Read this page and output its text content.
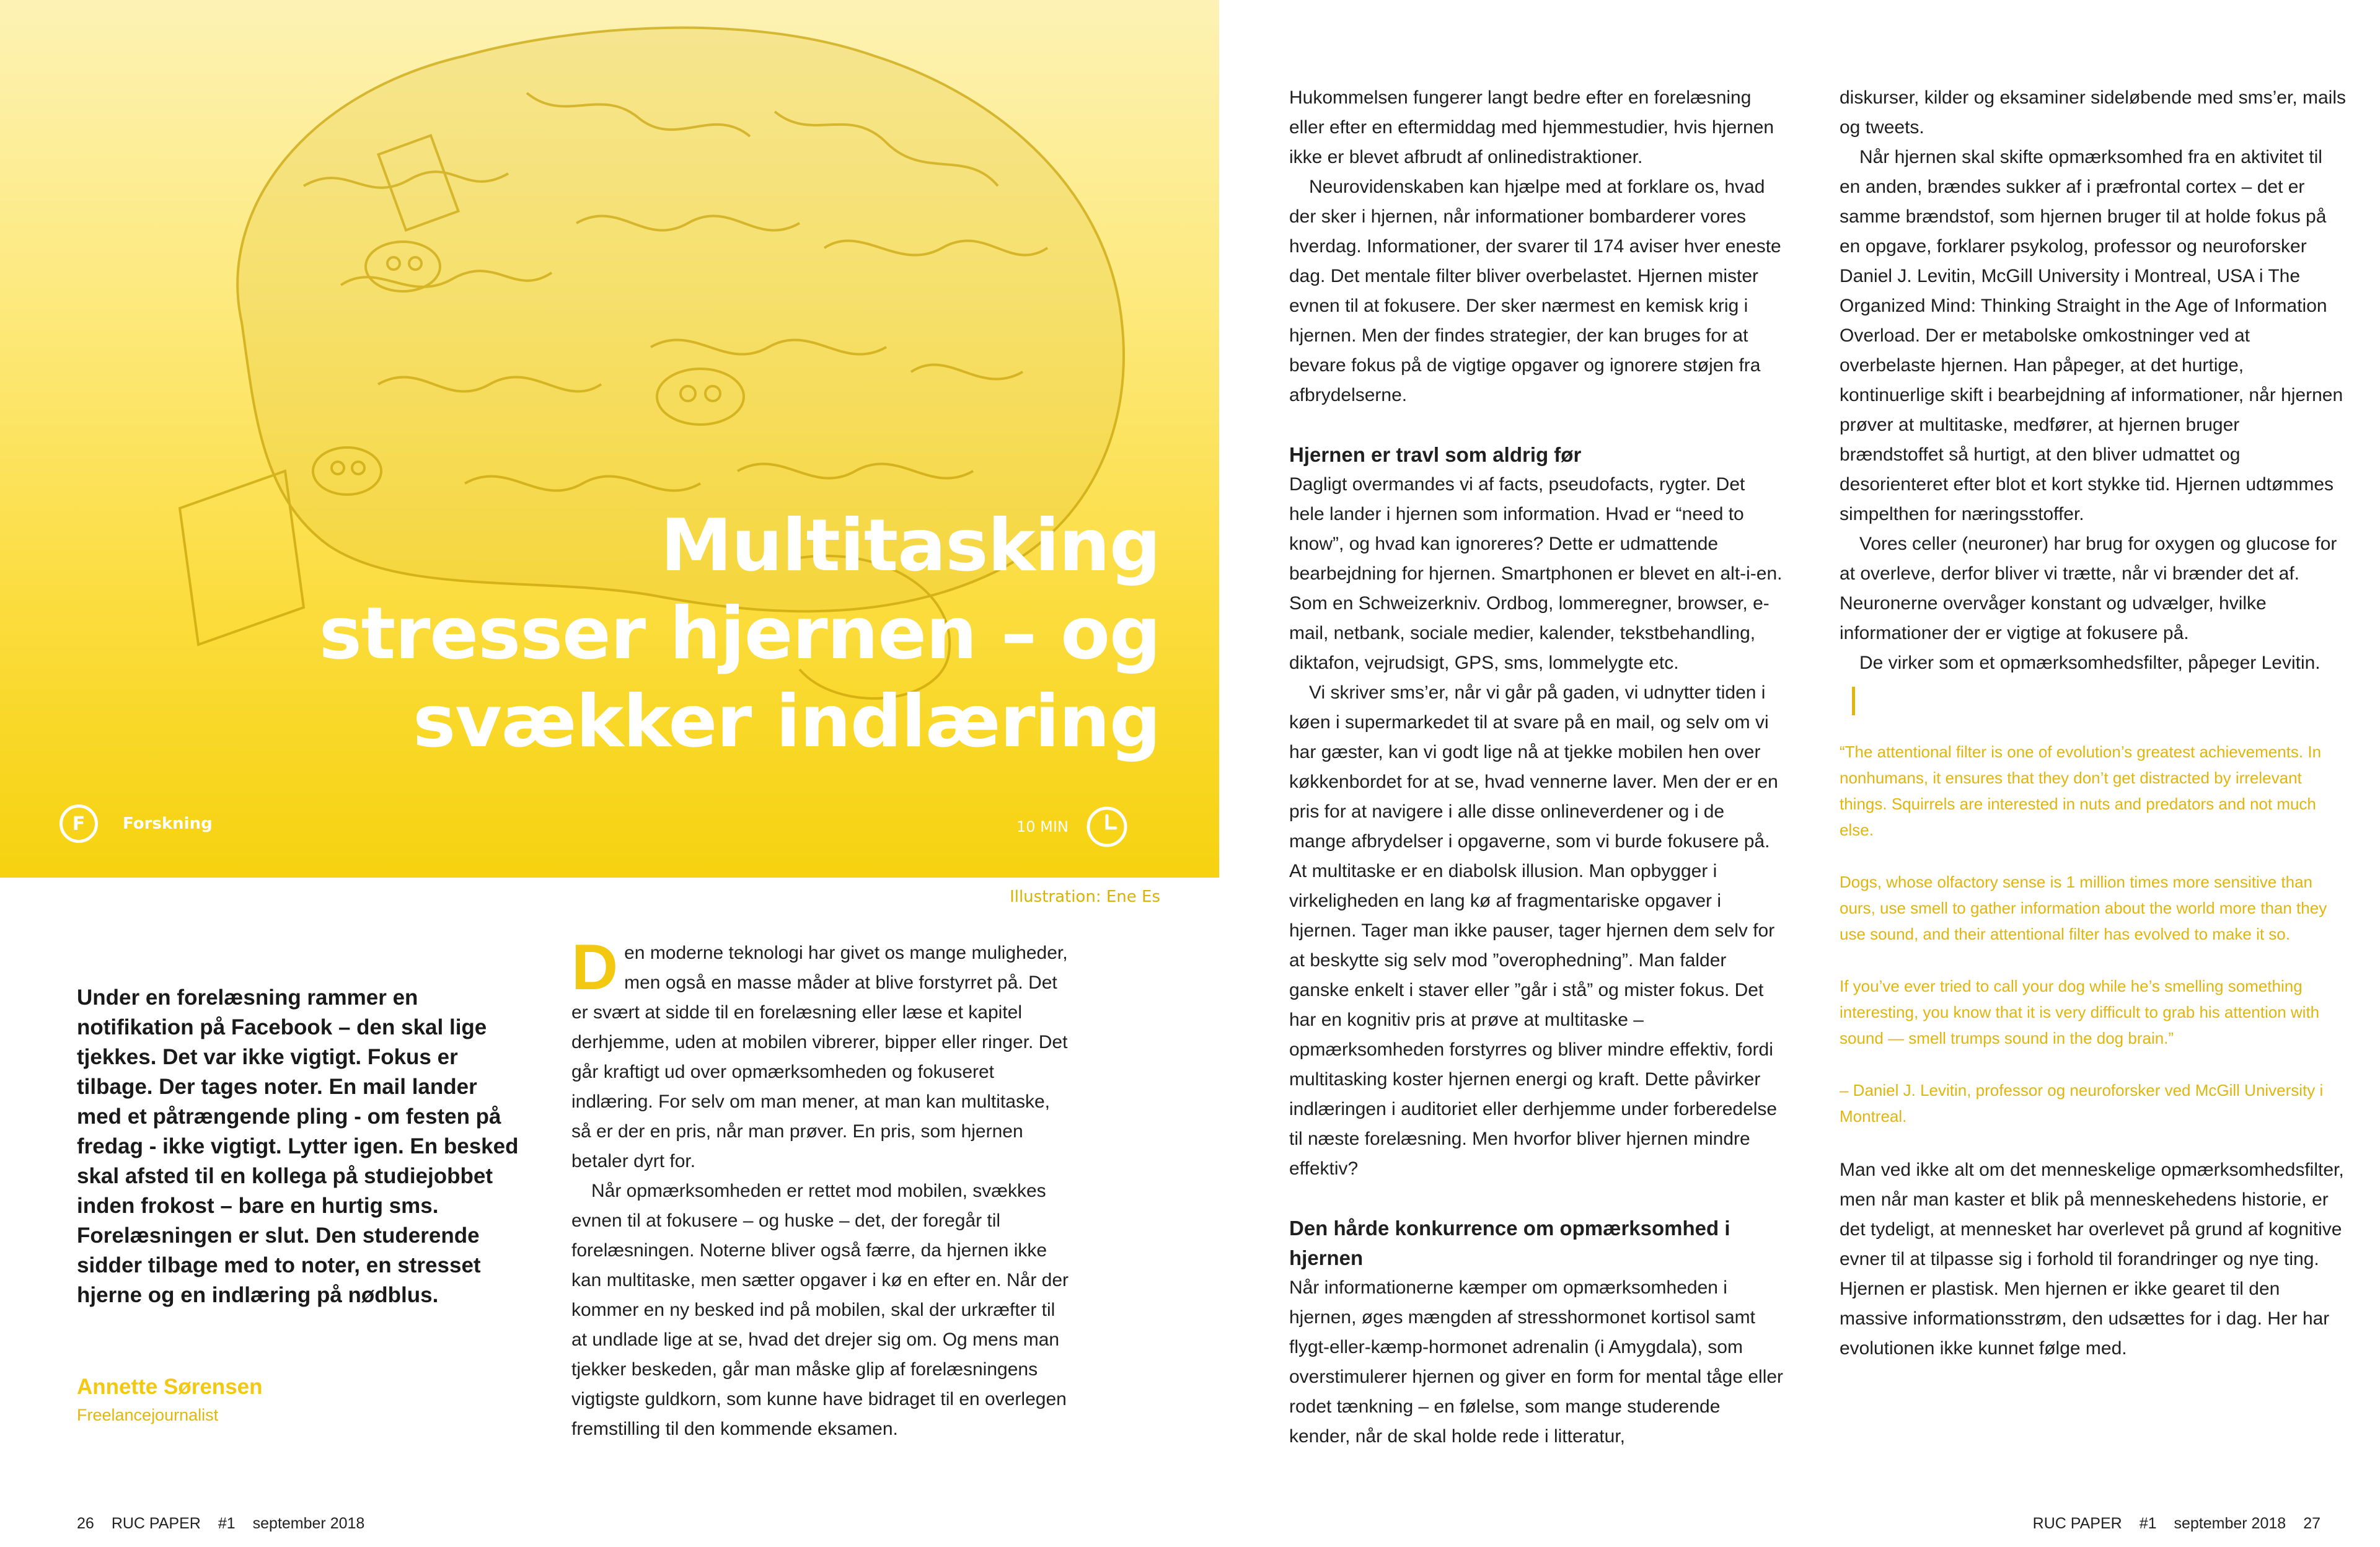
Multitasking
stresser hjernen – og
svækker indlæring
F	Forskning	10 MIN
Illustration: Ene Es
Under en forelæsning rammer en notifikation på Facebook – den skal lige tjekkes. Det var ikke vigtigt. Fokus er tilbage. Der tages noter. En mail lander med et påtrængende pling - om festen på fredag - ikke vigtigt. Lytter igen. En besked skal afsted til en kollega på studiejobbet inden frokost – bare en hurtig sms. Forelæsningen er slut. Den studerende sidder tilbage med to noter, en stresset hjerne og en indlæring på nødblus.
Annette Sørensen
Freelancejournalist

Den moderne teknologi har givet os mange muligheder, men også en masse måder at blive forstyrret på. Det er svært at sidde til en forelæsning eller læse et kapitel derhjemme, uden at mobilen vibrerer, bipper eller ringer. Det går kraftigt ud over opmærksomheden og fokuseret indlæring. For selv om man mener, at man kan multitaske, så er der en pris, når man prøver. En pris, som hjernen betaler dyrt for.

Når opmærksomheden er rettet mod mobilen, svækkes evnen til at fokusere – og huske – det, der foregår til forelæsningen. Noterne bliver også færre, da hjernen ikke kan multitaske, men sætter opgaver i kø en efter en. Når der kommer en ny besked ind på mobilen, skal der urkræfter til at undlade lige at se, hvad det drejer sig om. Og mens man tjekker beskeden, går man måske glip af forelæsningens vigtigste guldkorn, som kunne have bidraget til en overlegen fremstilling til den kommende eksamen.

Hukommelsen fungerer langt bedre efter en forelæsning eller efter en eftermiddag med hjemmestudier, hvis hjernen ikke er blevet afbrudt af onlinedistraktioner.

Neurovidenskaben kan hjælpe med at forklare os, hvad der sker i hjernen, når informationer bombarderer vores hverdag. Informationer, der svarer til 174 aviser hver eneste dag. Det mentale filter bliver overbelastet. Hjernen mister evnen til at fokusere. Der sker nærmest en kemisk krig i hjernen. Men der findes strategier, der kan bruges for at bevare fokus på de vigtige opgaver og ignorere støjen fra afbrydelserne.

Hjernen er travl som aldrig før

Dagligt overmandes vi af facts, pseudofacts, rygter. Det hele lander i hjernen som information. Hvad er “need to know”, og hvad kan ignoreres? Dette er udmattende bearbejdning for hjernen. Smartphonen er blevet en alt-i-en. Som en Schweizerkniv. Ordbog, lommeregner, browser, e-mail, netbank, sociale medier, kalender, tekstbehandling, diktafon, vejrudsigt, GPS, sms, lommelygte etc.

Vi skriver sms’er, når vi går på gaden, vi udnytter tiden i køen i supermarkedet til at svare på en mail, og selv om vi har gæster, kan vi godt lige nå at tjekke mobilen hen over køkkenbordet for at se, hvad vennerne laver. Men der er en pris for at navigere i alle disse onlineverdener og i de mange afbrydelser i opgaverne, som vi burde fokusere på. At multitaske er en diabolsk illusion. Man opbygger i virkeligheden en lang kø af fragmentariske opgaver i hjernen. Tager man ikke pauser, tager hjernen dem selv for at beskytte sig selv mod ”overophedning”. Man falder ganske enkelt i staver eller ”går i stå” og mister fokus. Det har en kognitiv pris at prøve at multitaske – opmærksomheden forstyrres og bliver mindre effektiv, fordi multitasking koster hjernen energi og kraft. Dette påvirker indlæringen i auditoriet eller derhjemme under forberedelse til næste forelæsning. Men hvorfor bliver hjernen mindre effektiv?

Den hårde konkurrence om opmærksomhed i hjernen

Når informationerne kæmper om opmærksomheden i hjernen, øges mængden af stresshormonet kortisol samt flygt-eller-kæmp-hormonet adrenalin (i Amygdala), som overstimulerer hjernen og giver en form for mental tåge eller rodet tænkning – en følelse, som mange studerende kender, når de skal holde rede i litteratur,

diskurser, kilder og eksaminer sideløbende med sms’er, mails og tweets.

Når hjernen skal skifte opmærksomhed fra en aktivitet til en anden, brændes sukker af i præfrontal cortex – det er samme brændstof, som hjernen bruger til at holde fokus på en opgave, forklarer psykolog, professor og neuroforsker Daniel J. Levitin, McGill University i Montreal, USA i The Organized Mind: Thinking Straight in the Age of Information Overload. Der er metabolske omkostninger ved at overbelaste hjernen. Han påpeger, at det hurtige, kontinuerlige skift i bearbejdning af informationer, når hjernen prøver at multitaske, medfører, at hjernen bruger brændstoffet så hurtigt, at den bliver udmattet og desorienteret efter blot et kort stykke tid. Hjernen udtømmes simpelthen for næringsstoffer.

Vores celler (neuroner) har brug for oxygen og glucose for at overleve, derfor bliver vi trætte, når vi brænder det af. Neuronerne overvåger konstant og udvælger, hvilke informationer der er vigtige at fokusere på.

De virker som et opmærksomhedsfilter, påpeger Levitin.

“The attentional filter is one of evolution’s greatest achievements. In nonhumans, it ensures that they don’t get distracted by irrelevant things. Squirrels are interested in nuts and predators and not much else.

Dogs, whose olfactory sense is 1 million times more sensitive than ours, use smell to gather information about the world more than they use sound, and their attentional filter has evolved to make it so.

If you’ve ever tried to call your dog while he’s smelling something interesting, you know that it is very difficult to grab his attention with sound — smell trumps sound in the dog brain.”

– Daniel J. Levitin, professor og neuroforsker ved McGill University i Montreal.

Man ved ikke alt om det menneskelige opmærksomhedsfilter, men når man kaster et blik på menneskehedens historie, er det tydeligt, at mennesket har overlevet på grund af kognitive evner til at tilpasse sig i forhold til forandringer og nye ting. Hjernen er plastisk. Men hjernen er ikke gearet til den massive informationsstrøm, den udsættes for i dag. Her har evolutionen ikke kunnet følge med.

26 RUC PAPER #1 september 2018	RUC PAPER #1 september 2018 27
